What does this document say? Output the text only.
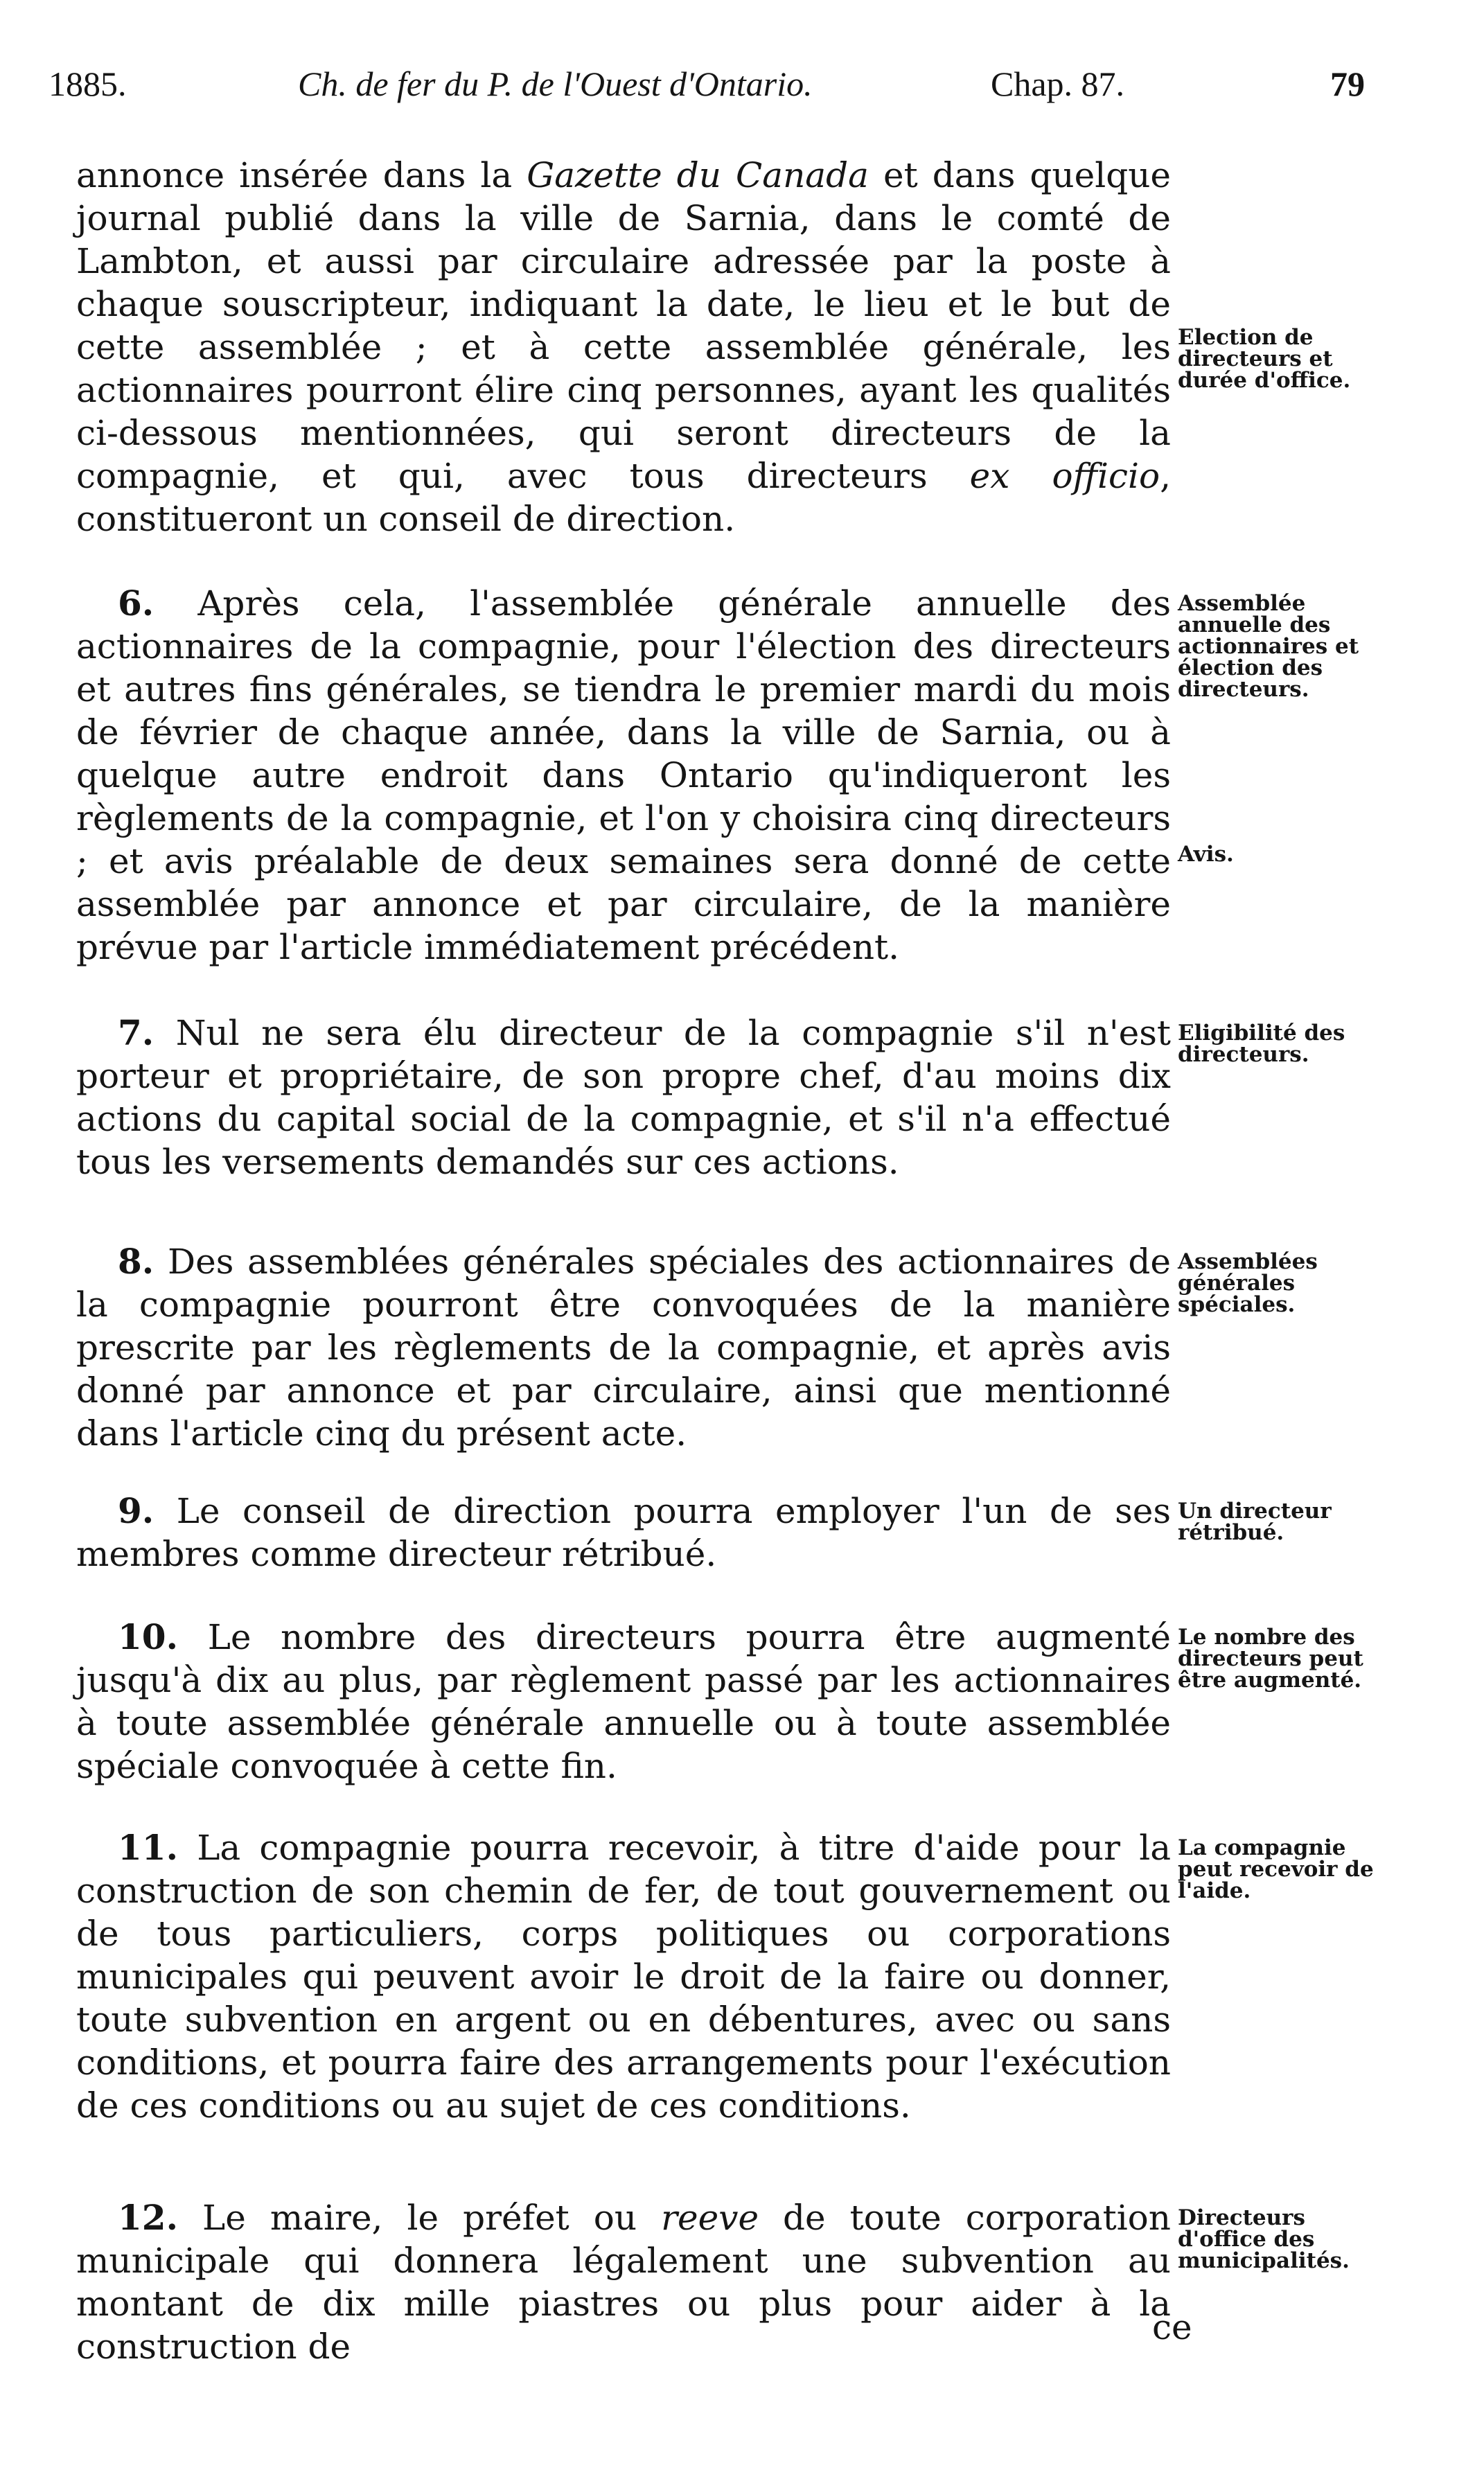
1885.	Ch. de fer du P. de l'Ouest d'Ontario.	Chap. 87.	79

annonce insérée dans la Gazette du Canada et dans quelque journal publié dans la ville de Sarnia, dans le comté de Lambton, et aussi par circulaire adressée par la poste à chaque souscripteur, indiquant la date, le lieu et le but de cette assemblée ; et à cette assemblée générale, les actionnaires pourront élire cinq personnes, ayant les qualités ci-dessous mentionnées, qui seront directeurs de la compagnie, et qui, avec tous directeurs ex officio, constitueront un conseil de direction.

Election de directeurs et durée d'office.

6. Après cela, l'assemblée générale annuelle des actionnaires de la compagnie, pour l'élection des directeurs et autres fins générales, se tiendra le premier mardi du mois de février de chaque année, dans la ville de Sarnia, ou à quelque autre endroit dans Ontario qu'indiqueront les règlements de la compagnie, et l'on y choisira cinq directeurs ; et avis préalable de deux semaines sera donné de cette assemblée par annonce et par circulaire, de la manière prévue par l'article immédiatement précédent.

Assemblée annuelle des actionnaires et élection des directeurs.

Avis.

7. Nul ne sera élu directeur de la compagnie s'il n'est porteur et propriétaire, de son propre chef, d'au moins dix actions du capital social de la compagnie, et s'il n'a effectué tous les versements demandés sur ces actions.

Eligibilité des directeurs.

8. Des assemblées générales spéciales des actionnaires de la compagnie pourront être convoquées de la manière prescrite par les règlements de la compagnie, et après avis donné par annonce et par circulaire, ainsi que mentionné dans l'article cinq du présent acte.

Assemblées générales spéciales.

9. Le conseil de direction pourra employer l'un de ses membres comme directeur rétribué.

Un directeur rétribué.

10. Le nombre des directeurs pourra être augmenté jusqu'à dix au plus, par règlement passé par les actionnaires à toute assemblée générale annuelle ou à toute assemblée spéciale convoquée à cette fin.

Le nombre des directeurs peut être augmenté.

11. La compagnie pourra recevoir, à titre d'aide pour la construction de son chemin de fer, de tout gouvernement ou de tous particuliers, corps politiques ou corporations municipales qui peuvent avoir le droit de la faire ou donner, toute subvention en argent ou en débentures, avec ou sans conditions, et pourra faire des arrangements pour l'exécution de ces conditions ou au sujet de ces conditions.

La compagnie peut recevoir de l'aide.

12. Le maire, le préfet ou reeve de toute corporation municipale qui donnera légalement une subvention au montant de dix mille piastres ou plus pour aider à la construction de

Directeurs d'office des municipalités.

ce
